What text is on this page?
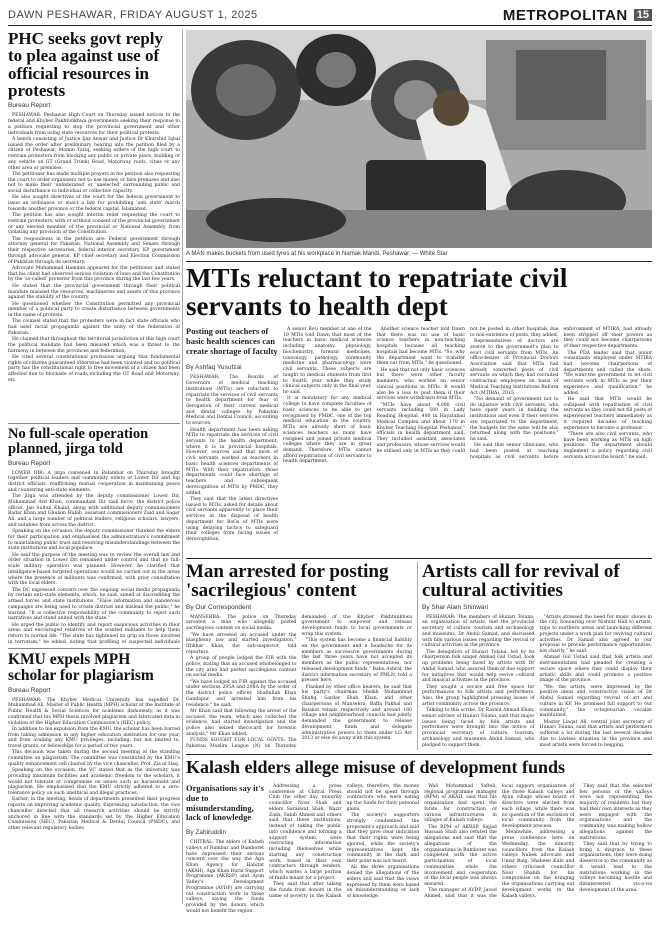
DAWN PESHAWAR, FRIDAY AUGUST 1, 2025	METROPOLITAN 15
PHC seeks govt reply to plea against use of official resources in protests
Bureau Report

PESHAWAR: Peshawar High Court on Thursday issued notices to the federal and Khyber Pakhtunkhwa governments seeking their response to a petition requesting to stop the provincial government and other individuals from using state resources for their political protests.

A bench consisting of Justice Ijaz Anwar and Justice Dr Khurshid Iqbal issued the order after preliminary hearing into the petition filed by a citizen of Peshawar, Momin Tariq, seeking orders of the high court to restrain protesters from blocking any public or private place, building or any vehicle on GT (Grand Trunk) Road, Motorway roots, cities or any other area or premises.

The petitioner has made multiple prayers in his petition also requesting the court to order organisers not to use money or hire premises and also not to make their 'unfederated' or 'unelected' surrounding public and social disturbance to individual or collective capacity.

He also sought directives of the court for the federal government to issue an ordinance or enact a law for prohibiting 'anti state' march towards another province or the federal capital, Islamabad.

The petition has also sought interim relief requesting the court to restrain protesters, with or without consent of the provincial government or any elected member of the provincial or National Assembly, from violating any provision of the Constitution.

The respondents in the petition are: Federal government through attorney general for Pakistan, National Assembly and Senate through their respective secretaries, federal interior secretary, KP government through advocate general, KP chief secretary and Election Commission of Pakistan through its secretary.

Advocate Muhammad Hamdan appeared for the petitioner and stated that his client had observed serious violation of laws and the Constitution by the 'so-called' protester from this province during the last few years.

He stated that the provincial government through their political mandate misused the resources, machineries and assets of this province against the stability of the country.

He questioned whether the Constitution permitted any provincial member of a political party to create disturbance between governments in the name of protests.

The counsel stated that the protesters were in fact state officials who had used racial propaganda against the unity of the federation of Pakistan.

He claimed that throughout the territorial jurisdiction of this high court the political mandate had been misused which was a threat to the harmony in between the provinces and federation.

He cited several constitutional provisions arguing that fundamental rights of citizens guaranteed otherwise had been violated and no political party has the constitutional right to free movement of a citizen had been affected due to blockade of roads including the GT Road and Motorway, etc.

No full-scale operation planned, jirga told
Bureau Report

LOWER DIR: A jirga convened in Balambat on Thursday brought together political leaders and community elders of Lower Dir and top district officials, reaffirming mutual cooperation in maintaining peace and countering anti-state elements.

The jirga was attended by the deputy commissioner Lower Dir, Muhammad Arif Khan, commandant Dir task force, the district police officer, Jan Sultan Khalid, along with additional deputy commissioners Badar Khan and Ghulam Habib, assistant commissioners Zaid and Sagar Ali, and a large number of political leaders, religious scholars, lawyers, and notables from across the district.

Speaking on the occasion, the deputy commissioner thanked the elders for their participation and emphasised the administration's commitment to maintaining public trust and resolving misunderstandings between the state institutions and local populace.

He said the purpose of the meeting was to review the overall law and order situation in Lower Dir remained under control and that no full-scale military operation was planned. However, he clarified that intelligence-based targeted operations would be carried out in the areas where the presence of militants was confirmed, with prior consultation with the local elders.

The DC expressed concern over the ongoing social media propaganda by certain anti-state elements, which, he said, aimed at discrediting the armed forces and state institutions. "False information and slanderous campaigns are being used to create distrust and mislead the public," he warned. "It is collective responsibility of the community to reject such narratives and stand united with the state."

He urged the public to identify and report suspicious activities in their areas and encouraged relatives of the wanted militants to help them return to normal life. "The state has tightened its grip on those involved in terrorism," he added, noting that profiling of suspected individuals

KMU expels MPH scholar for plagiarism
Bureau Report

PESHAWAR: The Khyber Medical University has expelled Dr. Muhammad Ali, Master of Public Health (MPH) scholar at the Institute of Public Health & Social Sciences for academic dishonesty, as it was confirmed that his MPH thesis involved plagiarism and fabricated data in violation of the Higher Education Commission's (HEC) policy.

In addition to his expulsion from the KMU, the scholar has been barred from taking admission in any higher education institution for one year, and from availing any KMU privileges, including, but not limited to, travel grants, or fellowships for a period of two years.

This decision was taken during the second meeting of the standing committee on plagiarism. The committee was constituted by the KMU's quality enhancement cell chaired by the vice chancellor, Prof. Zia ul Haq.

Speaking on the occasion, the VC stated that as the university was providing maximum facilities and academic freedom to the scholars, it would not tolerate or compromise on issues such as harassment and plagiarism. He emphasised that the KMU strictly adhered to a zero-tolerance policy on such unethical and illegal practices.

Earlier, in the meeting, heads of departments presented their progress reports on improving academic quality. Expressing satisfaction, the vice chancellor directed that all research activities should be strictly anchored in line with the standards set by the Higher Education Commission (HEC), Pakistan Medical & Dental Council (PMDC), and other relevant regulatory bodies.

A MAN makes buckets from used tyres at his workplace in Namak Mandi, Peshawar. — White Star
MTIs reluctant to repatriate civil servants to health dept
Posting out teachers of basic health sciences can create shortage of faculty
By Ashfaq Yusufzai

PESHAWAR: The Boards of Governors of medical teaching institutions (MTIs) are reluctant to repatriate the services of civil servants to health department for fear of derogation of their current medical and dental colleges by Pakistan Medical and Dental Council, according to sources.

Health department has been asking MTIs to repatriate the services of civil servants to the health department, where it is in provincial hospitals. However, sources said that most of civil servants worked as teachers in basic health sciences departments of MTIs. With their repatriation, those departments could face shortage of teachers and subsequent derecognition of MTIs by PMDC, they added.

They said that the latest directives issued to MTIs, asked for details about civil servants apparently to place their services at the disposal of health department for BoGs of MTIs were using delaying tactics to safeguard their colleges from facing issues of derecognition.

A senior BoG member at one of the 10 MTIs told Dawn that most of the teachers in basic medical sciences including anatomy, physiology, biochemistry, forensic medicines, toxicology, pathology, community medicine and pharmacology were civil servants. These subjects are taught to medical students from first to fourth year while they study clinical subjects only in the final year, he said.

It is mandatory for any medical college to have complete faculties of basic sciences to be able to get recognised by PMDC, one of the top medical education in the country. MTIs are already short of basic sciences teachers as many have resigned and joined private medical colleges where they are in great demand. Therefore, MTIs cannot afford repatriation of civil servants to health department.

Another science teacher told Dawn that there was no use of basic science teachers in non-teaching hospitals because all teaching hospitals had become MTIs. "So, why the department want to transfer them out from MTIs," he questioned.

He said that not only basic sciences but there were other faculty members, who worked on senior clinical positions in MTIs. It would also be a loss to post them if their services were withdrawn from MTIs.

"MTIs have about 4,000 civil servants including 500 in Lady Reading Hospital, 400 in Hayatabad Medical Complex and about 170 in Khyber Teaching Hospital Peshawar," officials in health department said. They included assistant associates and professors, whose services would be utilised only in MTIs as they could not be posted in other hospitals due to non-existence of posts, they added.

Representatives of doctors are averse to the government's plan to evict civil servants from MTIs. An office-bearer of Provincial Doctors Association said that MTIs had already converted posts of civil servants on which they had recruited contractual employees on basis of Medical Teaching Institutions Reform Act (MTIRA), 2015.

"No demand of government not to do injustice with civil servants, who have spent years in building the institutions and even if their services are repatriated to the department, the budgets for the same will be also returned along with the positions," he said.

He said that senior clinicians, who had been posted at teaching hospitals as civil servants before enforcement of MTIRA, had already been stripped off their powers as they could not become chairpersons of their respective departments.

The PDA leader said that junior consultants employed under MTIRA had become chairpersons of departments and called the shots. "We want the government to let civil servants work in MTIs as per their experience and qualification," he added.

He said that MTIs would be collapsed with repatriation of civil servants as they could not fill posts of experienced teachers immediately as it required decades of teaching experience to become a professor.

"There are also civil servants, who have been working as MTIs on high positions. The department should implement a policy regarding civil servants across the board," he said.

Man arrested for posting 'sacrilegious' content
By Our Correspondent

MANSEHRA: The police on Thursday arrested a man who allegedly posted sacrilegious content on social media.

"We have arrested an accused under the blasphemy law and started investigation," Iftikhar Khan, the sub-inspector, told reporters.

A group of people lodged the FIR with the police, stating that an accused whobelonged to the city area had posted sacrilegious content on social media.

"We have lodged an FIR against the accused under sections 295A and 298A by the order of the district police officer, Shafiullah Khan Gandapur, and arrested him from his residence," he said.

Mr Khan said that following the arrest of the accused, the team, which also collected the evidence, had started investigation and the police also seized thecocard for forensic analysis," Mr Khan added.

FUNDS SOUGHT FOR LOCAL GOVTS: The Pakistan Muslim League (N) on Thursday demanded of the Khyber Pakhtunkhwa government to empower and release development funds to local governments or wrap this system.

"This system has become a financial liability on the government and a headache for its members as successive governments during the last three years have not accepted its members as the public representatives, nor released development funds," Babu Ashraf, the district information secretary of PMLN, told a presser here.

Flanked by other office bearers, he said that his party's chairman Sheikh Muhammad Shafiq, Sardar Shah Khan, and other chairpersons of Mansehra, Baffa Pakhal and Balakot tehsils respectively and around 180 village and neighbourhood councils had jointly demanded the government to release development funds and delegate administrative powers to them under LG Act 2013 or else do away with this system.

Artists call for revival of cultural activities
By Shar Alam Shinwari

PESHAWAR: The members of Hunari Tolana, an organisation of artists, met the provincial secretary of culture, tourism and archaeology and museums, Dr Abdul Samad, and discussed with him various issues regarding the revival of cultural activities in the province.

The delegation of Hunari Tolana, led by its chairperson folk singer Ahmad Gul Ustad, took up problems being faced by artists with Dr Abdul Samad, who assured them of due support for initiatives that would help revive cultural and musical activities in the province.

They sought a secure and free space for performances to folk artists and performers. Also, the group highlighted pressing issues of artist community across the province.

Talking to this scribe, Dr Rashid Ahmad Khan, senior adviser of Hunari Tolana, said that major issues being faced by folk artists and performers were brought into the notice of provincial secretary of culture, tourism, archaeology and museums Abdul Samad, who pledged to support them.

"Artists stressed the need for music shows in the city, honouring over Nishtar Hall to artists, trips to northern areas and launching different projects under a work plan for reviving cultural activities. Dr Samad also agreed to our proposal to provide performance opportunities, not charity," he said.

Ahmad Gul Ustad said that folk artists and instrumentalists had pleaded for creating a secure space where they could display their artistic skills and could promote a positive image of the province.

"We, the artists, were impressed by the positive ideas and constructive vision of Dr Abdul Samad regarding revival of art and culture in KP. He promised full support to our community," the octogenarian vocalist maintained.

Master Liaqat Ali, central joint secretary of Hunari Tolana, said that artists and performers suffered a lot during the last several decades due to lawless situation in the province and most artists were forced to begging.

Kalash elders allege misuse of development funds
Organisations say it's due to misunderstanding, lack of knowledge
By Zahiruddin

CHITRAL: The elders of Kalash valleys of Rumbur and Bumboret have expressed their serious concern over the way the Aga Khan Agency for Habitat (AKAH), Aga Khan Rural Support Programme (AKRSP) and Ayun Valley's Development Programme (AVDP) are carrying out construction work in these valleys, saying the funds provided by the donors which would not benefit the region.

Addressing a press conference at Chitral Press Club the other day, minority councillor Noor Shah and elders Saraswat Shah, Wazir Zada, Sahib Ahmed and others said that these institutions, instead of taking the public into confidence and forming a support system, were restricting information including themselves while starting any construction work, based in their own contractors through tenders, which wastes a large portion of funds meant for a project.

They said that after taking the funds from donors in the name of poverty in the Kalash valleys, therefore, the money should not be spent through contractors who were eating up the funds for their personal gains.

The society's supporters strongly condemned the proponent's approach and said that they gave clear indication that their rights were being ignored, while the society's representatives kept the community in the dark and their point was not heard.

All the three organisations denied the allegations of the elders and said that the views expressed by them were based on misunderstanding or lack of knowledge.

Wali Mohammad Yafteli, regional programme manager (RPM) of AKAH, said that his organisation had spent the funds for construction of various infrastructures in villages of Kalash valleys.

The RPM of AKRSP, Sajjad Hussain Shah also refuted the allegations and said that the allegations of the organisations in Bumboret was completed with the active participation of local communities while the involvement and cooperation of the local people was always ensured.

The manager of AVDP, Javed Ahmed, said that it was the local support organisation of the three Kalash valleys and Ayun village whose board of directors were elected from each village, while there was no question of the exclusion of local community from the development process.

Meanwhile, addressing a press conference here on Wednesday, the minority councillors from the Kalash valleys Nabek advocate and Umar Baig, Shaheen Kabi and others criticised councillor Noor Shahib for his compromise on the bringing the organisations carrying out development works in the Kalash valleys.

They said that the selected few persons of the valleys were not representing the majority of residents but they had their own interests as they were engaged with the organisations and the community was making hollow allegations against the institutions.

They said that by trying to bring a disgrace to these organisations, they were doing disservice to the community as it would lead to the institutions working in the valleys becoming hostile and disinterested vis-a-vis development of the area.
